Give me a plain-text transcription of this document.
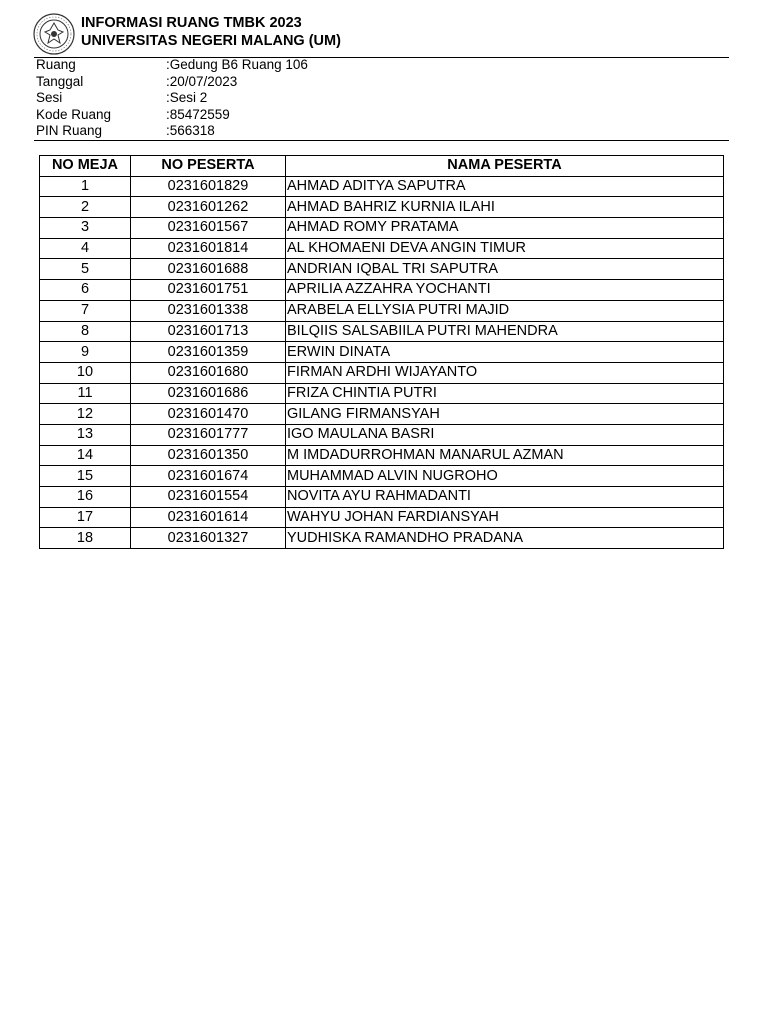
INFORMASI RUANG TMBK 2023
UNIVERSITAS NEGERI MALANG (UM)
Ruang	:Gedung B6 Ruang 106
Tanggal	:20/07/2023
Sesi	:Sesi 2
Kode Ruang	:85472559
PIN Ruang	:566318
NO MEJA	NO PESERTA	NAMA PESERTA
1	0231601829	AHMAD ADITYA SAPUTRA
2	0231601262	AHMAD BAHRIZ KURNIA ILAHI
3	0231601567	AHMAD ROMY PRATAMA
4	0231601814	AL KHOMAENI DEVA ANGIN TIMUR
5	0231601688	ANDRIAN IQBAL TRI SAPUTRA
6	0231601751	APRILIA AZZAHRA YOCHANTI
7	0231601338	ARABELA ELLYSIA PUTRI MAJID
8	0231601713	BILQIIS SALSABIILA PUTRI MAHENDRA
9	0231601359	ERWIN DINATA
10	0231601680	FIRMAN ARDHI WIJAYANTO
11	0231601686	FRIZA CHINTIA PUTRI
12	0231601470	GILANG FIRMANSYAH
13	0231601777	IGO MAULANA BASRI
14	0231601350	M IMDADURROHMAN MANARUL AZMAN
15	0231601674	MUHAMMAD ALVIN NUGROHO
16	0231601554	NOVITA AYU RAHMADANTI
17	0231601614	WAHYU JOHAN FARDIANSYAH
18	0231601327	YUDHISKA RAMANDHO PRADANA
